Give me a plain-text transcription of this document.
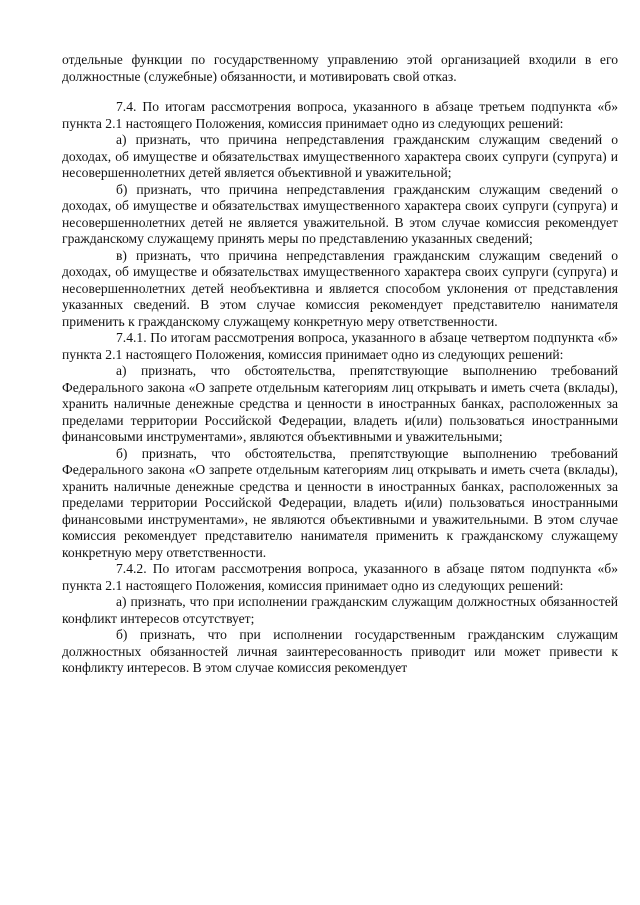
отдельные функции по государственному управлению этой организацией входили в его должностные (служебные) обязанности, и мотивировать свой отказ.

7.4. По итогам рассмотрения вопроса, указанного в абзаце третьем подпункта «б» пункта 2.1 настоящего Положения, комиссия принимает одно из следующих решений:

а) признать, что причина непредставления гражданским служащим сведений о доходах, об имуществе и обязательствах имущественного характера своих супруги (супруга) и несовершеннолетних детей является объективной и уважительной;

б) признать, что причина непредставления гражданским служащим сведений о доходах, об имуществе и обязательствах имущественного характера своих супруги (супруга) и несовершеннолетних детей не является уважительной. В этом случае комиссия рекомендует гражданскому служащему принять меры по представлению указанных сведений;

в) признать, что причина непредставления гражданским служащим сведений о доходах, об имуществе и обязательствах имущественного характера своих супруги (супруга) и несовершеннолетних детей необъективна и является способом уклонения от представления указанных сведений. В этом случае комиссия рекомендует представителю нанимателя применить к гражданскому служащему конкретную меру ответственности.

7.4.1. По итогам рассмотрения вопроса, указанного в абзаце четвертом подпункта «б» пункта 2.1 настоящего Положения, комиссия принимает одно из следующих решений:

а) признать, что обстоятельства, препятствующие выполнению требований Федерального закона «О запрете отдельным категориям лиц открывать и иметь счета (вклады), хранить наличные денежные средства и ценности в иностранных банках, расположенных за пределами территории Российской Федерации, владеть и(или) пользоваться иностранными финансовыми инструментами», являются объективными и уважительными;

б) признать, что обстоятельства, препятствующие выполнению требований Федерального закона «О запрете отдельным категориям лиц открывать и иметь счета (вклады), хранить наличные денежные средства и ценности в иностранных банках, расположенных за пределами территории Российской Федерации, владеть и(или) пользоваться иностранными финансовыми инструментами», не являются объективными и уважительными. В этом случае комиссия рекомендует представителю нанимателя применить к гражданскому служащему конкретную меру ответственности.

7.4.2. По итогам рассмотрения вопроса, указанного в абзаце пятом подпункта «б» пункта 2.1 настоящего Положения, комиссия принимает одно из следующих решений:

а) признать, что при исполнении гражданским служащим должностных обязанностей конфликт интересов отсутствует;

б) признать, что при исполнении государственным гражданским служащим должностных обязанностей личная заинтересованность приводит или может привести к конфликту интересов. В этом случае комиссия рекомендует
